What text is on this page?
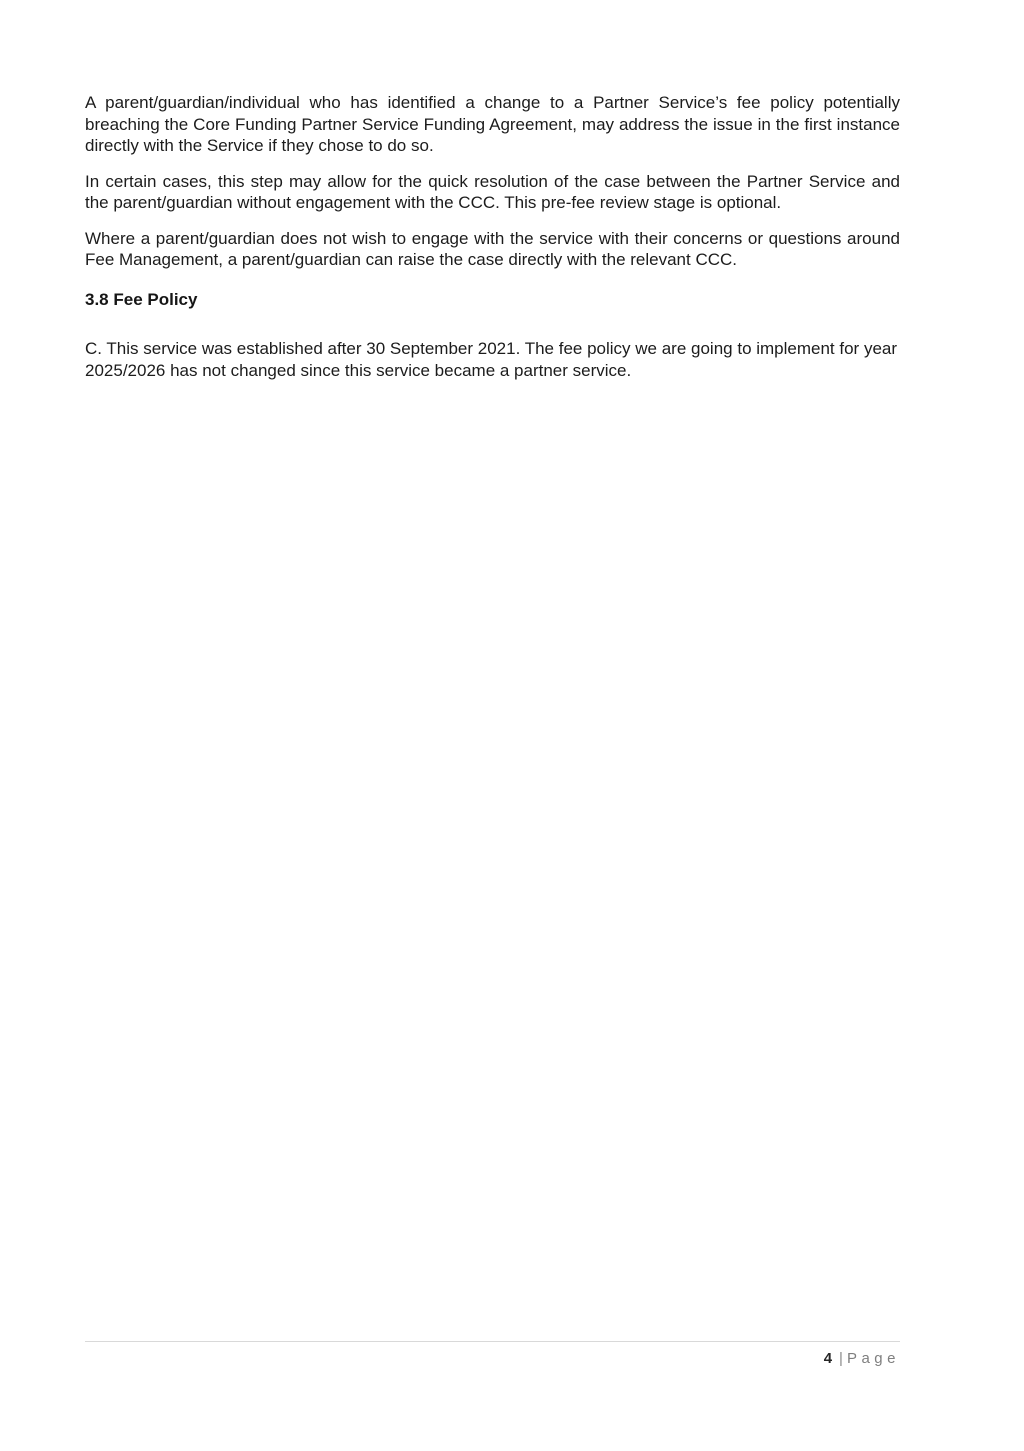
A parent/guardian/individual who has identified a change to a Partner Service’s fee policy potentially breaching the Core Funding Partner Service Funding Agreement, may address the issue in the first instance directly with the Service if they chose to do so.

In certain cases, this step may allow for the quick resolution of the case between the Partner Service and the parent/guardian without engagement with the CCC. This pre-fee review stage is optional.

Where a parent/guardian does not wish to engage with the service with their concerns or questions around Fee Management, a parent/guardian can raise the case directly with the relevant CCC.

3.8 Fee Policy

C. This service was established after 30 September 2021. The fee policy we are going to implement for year 2025/2026 has not changed since this service became a partner service.

4 | Page
